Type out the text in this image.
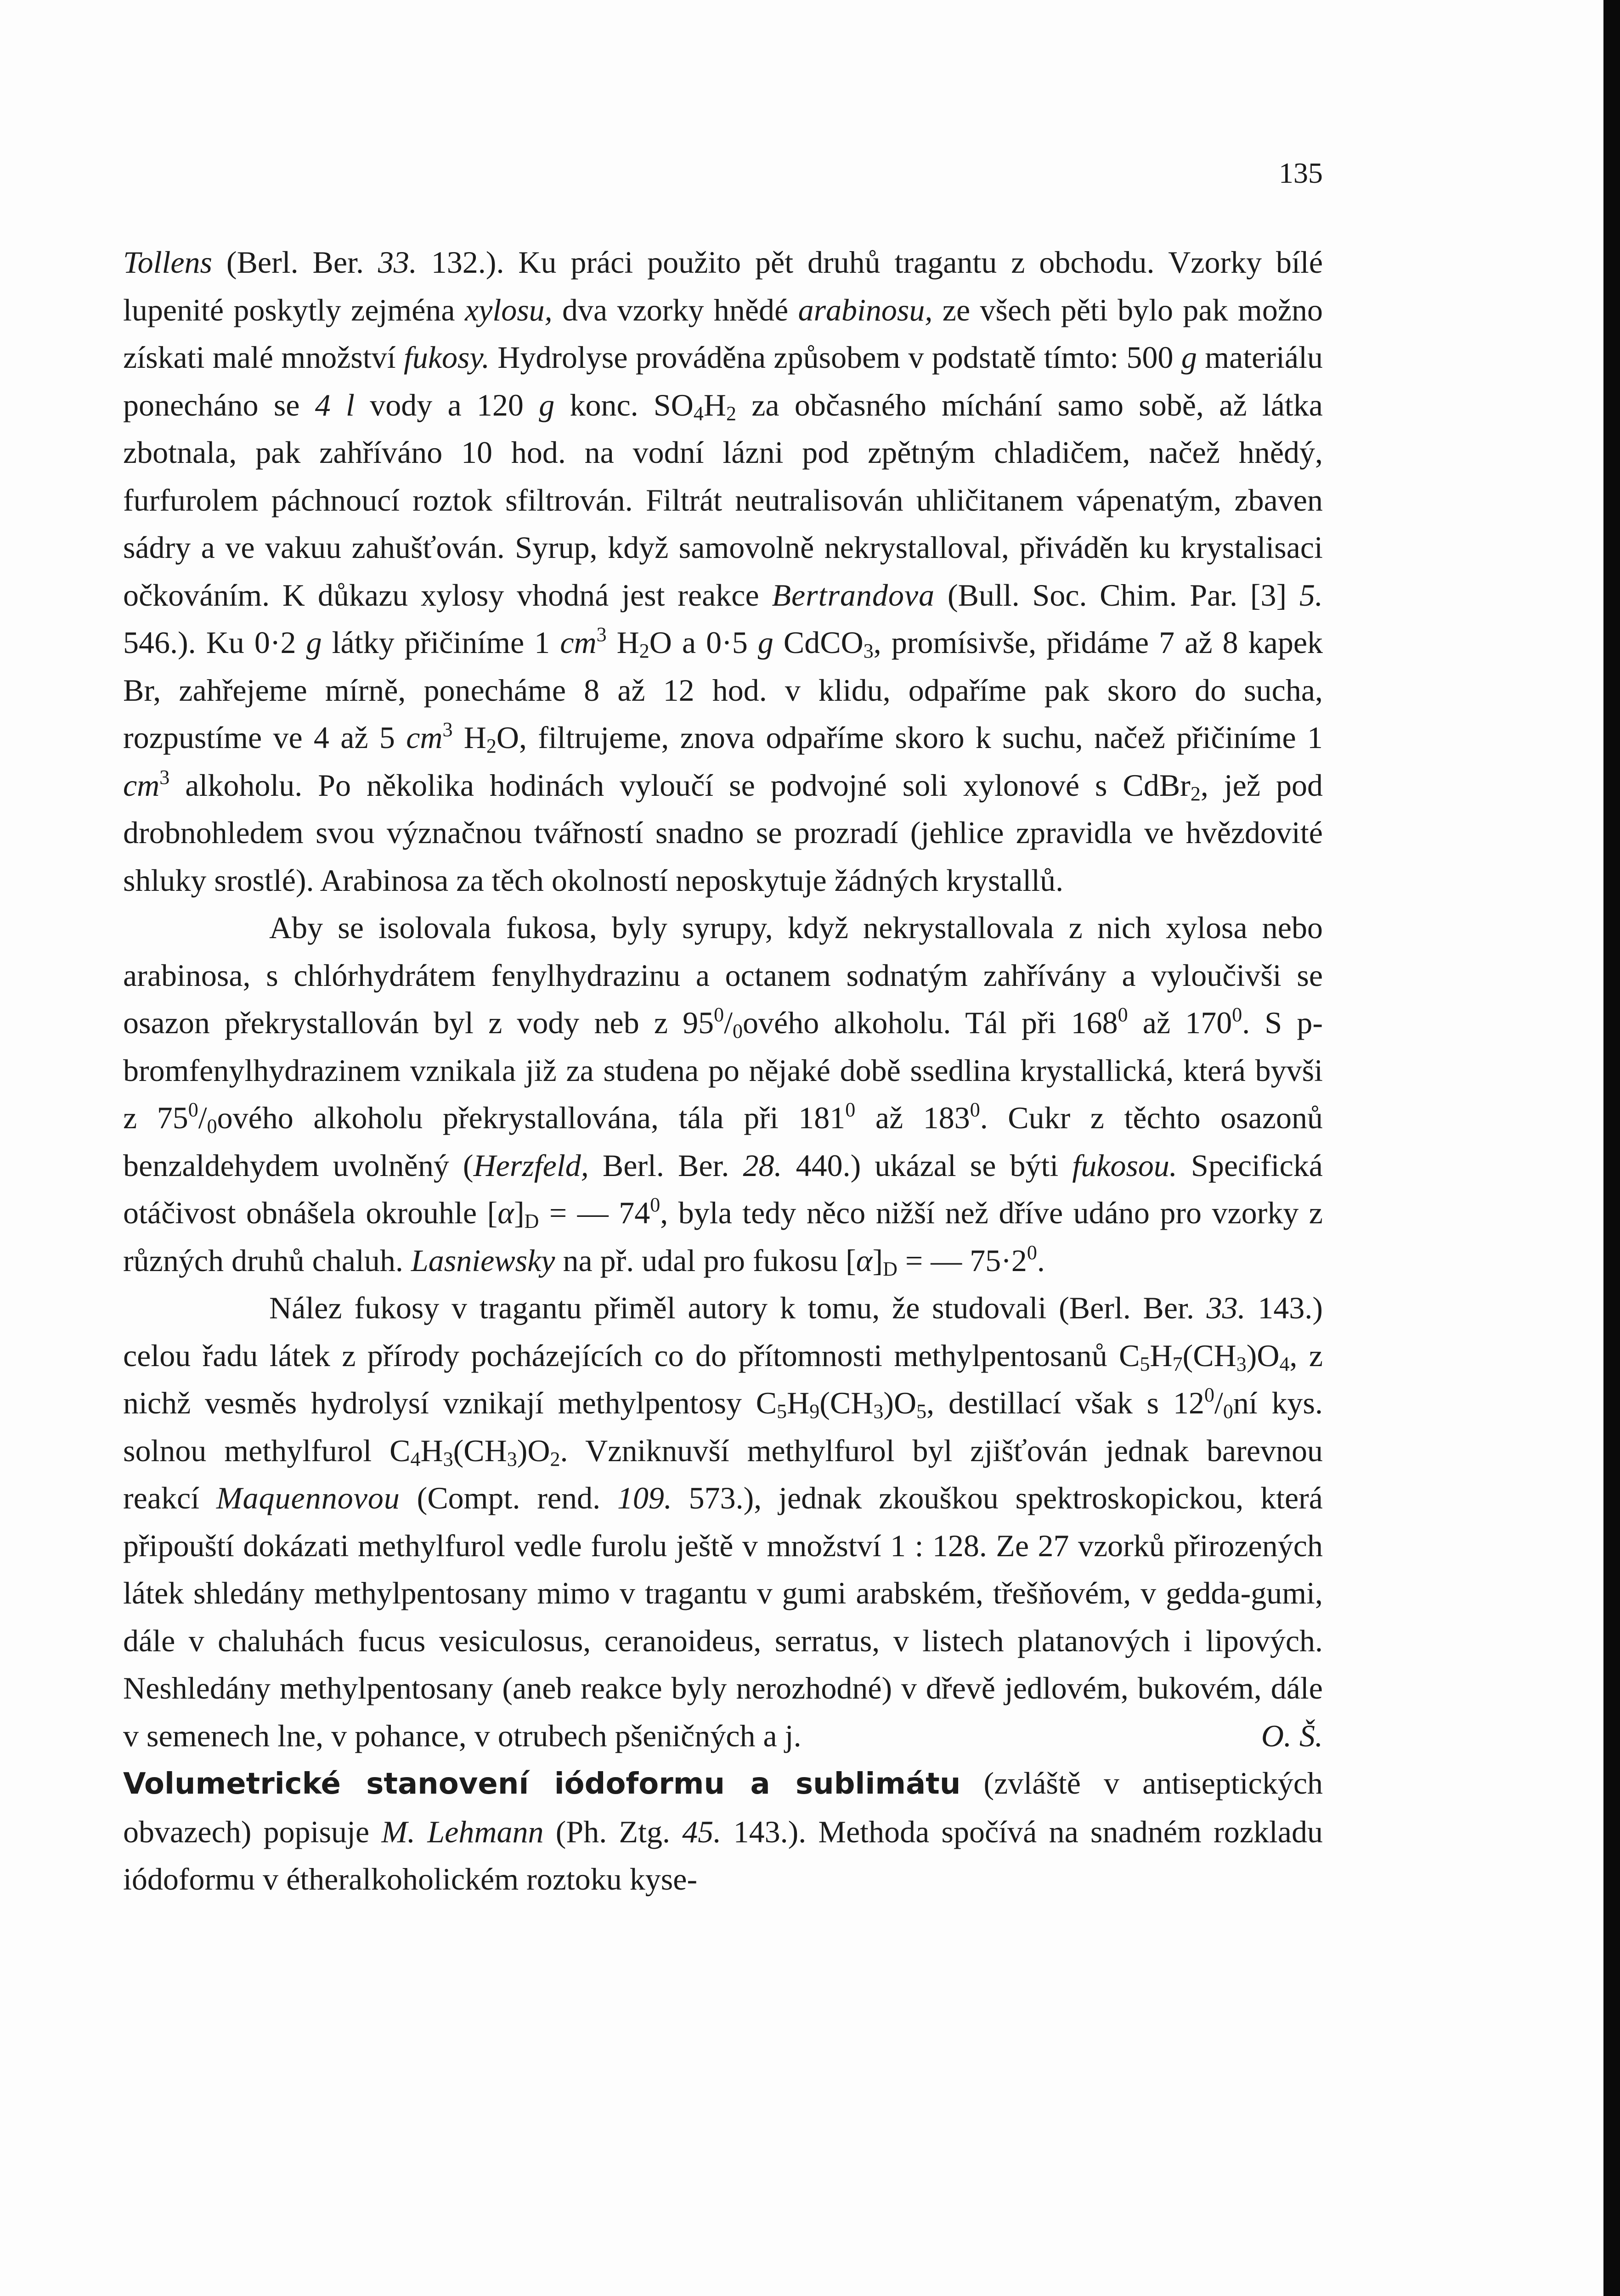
135

Tollens (Berl. Ber. 33. 132.). Ku práci použito pět druhů tragantu z obchodu. Vzorky bílé lupenité poskytly zejména xylosu, dva vzorky hnědé arabinosu, ze všech pěti bylo pak možno získati malé množství fukosy. Hydrolyse prováděna způsobem v podstatě tímto: 500 g materiálu ponecháno se 4 l vody a 120 g konc. $SO_4H_2$ za občasného míchání samo sobě, až látka zbotnala, pak zahříváno 10 hod. na vodní lázni pod zpětným chladičem, načež hnědý, furfurolem páchnoucí roztok sfiltrován. Filtrát neutralisován uhličitanem vápenatým, zbaven sádry a ve vakuu zahušťován. Syrup, když samovolně nekrystalloval, přiváděn ku krystalisaci očkováním. K důkazu xylosy vhodná jest reakce Bertrandova (Bull. Soc. Chim. Par. [3] 5. 546.). Ku 0·2 g látky přičiníme 1 $cm^3$ $H_2O$ a 0·5 g CdCO$_3$, promísivše, přidáme 7 až 8 kapek Br, zahřejeme mírně, ponecháme 8 až 12 hod. v klidu, odpaříme pak skoro do sucha, rozpustíme ve 4 až 5 $cm^3$ $H_2O$, filtrujeme, znova odpaříme skoro k suchu, načež přičiníme 1 $cm^3$ alkoholu. Po několika hodinách vyloučí se podvojné soli xylonové s CdBr$_2$, jež pod drobnohledem svou význačnou tvářností snadno se prozradí (jehlice zpravidla ve hvězdovité shluky srostlé). Arabinosa za těch okolností neposkytuje žádných krystallů.

Aby se isolovala fukosa, byly syrupy, když nekrystallovala z nich xylosa nebo arabinosa, s chlórhydrátem fenylhydrazinu a octanem sodnatým zahřívány a vyloučivši se osazon překrystallován byl z vody neb z $95^0/_0ového$ alkoholu. Tál při $168^0$ až $170^0$. S p-bromfenylhydrazinem vznikala již za studena po nějaké době ssedlina krystallická, která byvši z $75^0/_0ového$ alkoholu překrystallována, tála při $181^0$ až $183^0$. Cukr z těchto osazonů benzaldehydem uvolněný (Herzfeld, Berl. Ber. 28. 440.) ukázal se býti fukosou. Specifická otáčivost obnášela okrouhle $[\alpha]_D$ = — $74^0$, byla tedy něco nižší než dříve udáno pro vzorky z různých druhů chaluh. Lasniewsky na př. udal pro fukosu $[\alpha]_D$ = — $75\cdot 2^0$.

Nález fukosy v tragantu přiměl autory k tomu, že studovali (Berl. Ber. 33. 143.) celou řadu látek z přírody pocházejících co do přítomnosti methylpentosanů $C_5H_7(CH_3)O_4$, z nichž vesměs hydrolysí vznikají methylpentosy $C_5H_9(CH_3)O_5$, destillací však s $12^0/_0ní$ kys. solnou methylfurol $C_4H_3(CH_3)O_2$. Vzniknuvší methylfurol byl zjišťován jednak barevnou reakcí Maquennovou (Compt. rend. 109. 573.), jednak zkouškou spektroskopickou, která připouští dokázati methylfurol vedle furolu ještě v množství 1 : 128. Ze 27 vzorků přirozených látek shledány methylpentosany mimo v tragantu v gumi arabském, třešňovém, v gedda-gumi, dále v chaluhách fucus vesiculosus, ceranoideus, serratus, v listech platanových i lipových. Neshledány methylpentosany (aneb reakce byly nerozhodné) v dřevě jedlovém, bukovém, dále v semenech lne, v pohance, v otrubech pšeničných a j.	O. Š.

Volumetrické stanovení iódoformu a sublimátu (zvláště v antiseptických obvazech) popisuje M. Lehmann (Ph. Ztg. 45. 143.). Methoda spočívá na snadném rozkladu iódoformu v étheralkoholickém roztoku kyse-
